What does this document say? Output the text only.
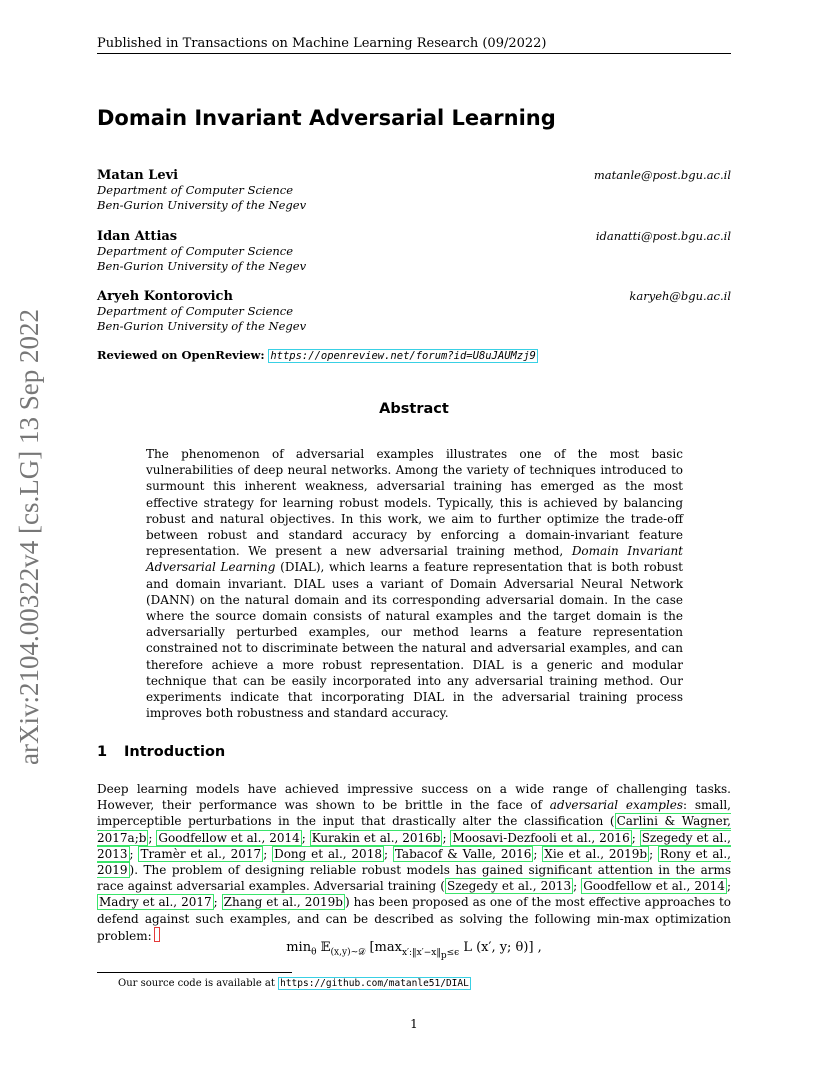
Published in Transactions on Machine Learning Research (09/2022)
Domain Invariant Adversarial Learning
Matan Levi
Department of Computer Science
Ben-Gurion University of the Negev
matanle@post.bgu.ac.il
Idan Attias
Department of Computer Science
Ben-Gurion University of the Negev
idanatti@post.bgu.ac.il
Aryeh Kontorovich
Department of Computer Science
Ben-Gurion University of the Negev
karyeh@bgu.ac.il
Reviewed on OpenReview: https://openreview.net/forum?id=U8uJAUMzj9
Abstract
The phenomenon of adversarial examples illustrates one of the most basic vulnerabilities of deep neural networks. Among the variety of techniques introduced to surmount this inherent weakness, adversarial training has emerged as the most effective strategy for learning robust models. Typically, this is achieved by balancing robust and natural objectives. In this work, we aim to further optimize the trade-off between robust and standard accuracy by enforcing a domain-invariant feature representation. We present a new adversarial training method, Domain Invariant Adversarial Learning (DIAL), which learns a feature representation that is both robust and domain invariant. DIAL uses a variant of Domain Adversarial Neural Network (DANN) on the natural domain and its corresponding adversarial domain. In the case where the source domain consists of natural examples and the target domain is the adversarially perturbed examples, our method learns a feature representation constrained not to discriminate between the natural and adversarial examples, and can therefore achieve a more robust representation. DIAL is a generic and modular technique that can be easily incorporated into any adversarial training method. Our experiments indicate that incorporating DIAL in the adversarial training process improves both robustness and standard accuracy.
1 Introduction
Deep learning models have achieved impressive success on a wide range of challenging tasks. However, their performance was shown to be brittle in the face of adversarial examples: small, imperceptible perturbations in the input that drastically alter the classification ( Carlini & Wagner, 2017a;b ; Goodfellow et al., 2014 ; Kurakin et al., 2016b ; Moosavi-Dezfooli et al., 2016 ; Szegedy et al., 2013 ; Tramèr et al., 2017 ; Dong et al., 2018 ; Tabacof & Valle, 2016 ; Xie et al., 2019b ; Rony et al., 2019 ). The problem of designing reliable robust models has gained significant attention in the arms race against adversarial examples. Adversarial training ( Szegedy et al., 2013 ; Goodfellow et al., 2014 ; Madry et al., 2017 ; Zhang et al., 2019b ) has been proposed as one of the most effective approaches to defend against such examples, and can be described as solving the following min-max optimization problem:
$\min_\theta$ 𝔼$_{(x,y)\sim 𝒟}$ [$\max_{x':‖x'-x‖_p\le\epsilon}$ L (x′, y; θ)] ,
Our source code is available at https://github.com/matanle51/DIAL
1
arXiv:2104.00322v4 [cs.LG] 13 Sep 2022
